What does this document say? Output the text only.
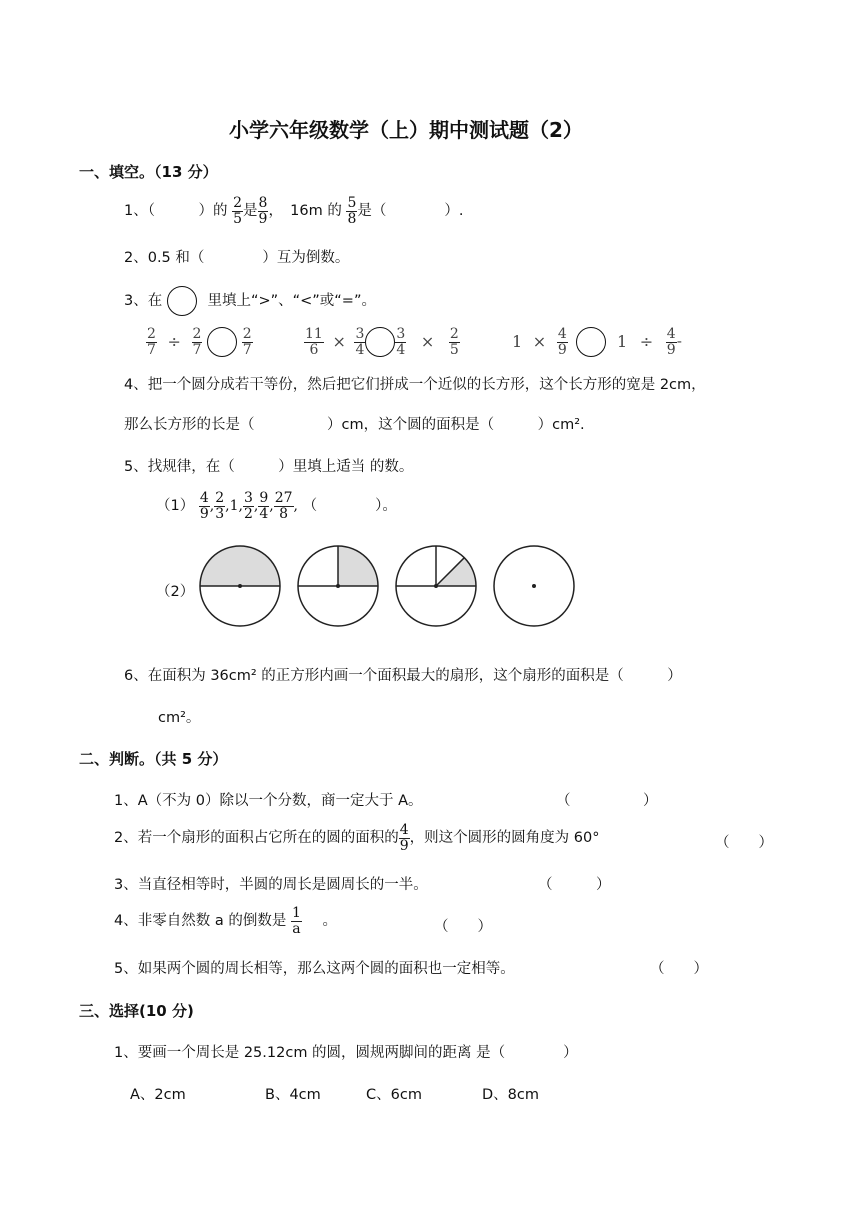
小学六年级数学（上）期中测试题（2）
一、填空。（13 分）
1、（　　　）的 $\frac{2}{5}$ 是 $\frac{8}{9}$ ，　16m 的 $\frac{5}{8}$ 是（　　　　）.
2、0.5 和（　　　　）互为倒数。
3、在	里填上“>”、“<”或“=”。
$\frac{2}{7} \div \frac{2}{7}$
	$\frac{2}{7}$	$\frac{11}{6} \times \frac{3}{4} \frac{3}{4} \times \frac{2}{5}$	$1 \times \frac{4}{9}$	$1 \div \frac{4}{9}$ -
4、把一个圆分成若干等份，然后把它们拼成一个近似的长方形，这个长方形的宽是 2cm，
那么长方形的长是（　　　　　）cm，这个圆的面积是（　　　）cm².
5、找规律，在（　　　）里填上适当 的数。
$(1) \frac{4}{9}$ , $\frac{2}{3} ,1$, $\frac{3}{2}$ , $\frac{9}{4}$ , $\frac{27}{8}$ , （　　　　）。
（2）
6、在面积为 36cm² 的正方形内画一个面积最大的扇形，这个扇形的面积是（　　　）
cm²。
二、判断。（共 5 分）
1、A（不为 0）除以一个分数，商一定大于 A。	（　　　　　）
2、若一个扇形的面积占它所在的圆的面积的 $\frac{4}{9}$ ，则这个圆形的圆角度为 60°	（　　）
3、当直径相等时，半圆的周长是圆周长的一半。	（　　　）
4、非零自然数 a 的倒数是 $\frac{1}{a}$ 。	（　　）
5、如果两个圆的周长相等，那么这两个圆的面积也一定相等。	（　　）
三、选择(10 分)
1、要画一个周长是 25.12cm 的圆，圆规两脚间的距离 是（　　　　）
A、2cm	B、4cm	C、6cm	D、8cm
